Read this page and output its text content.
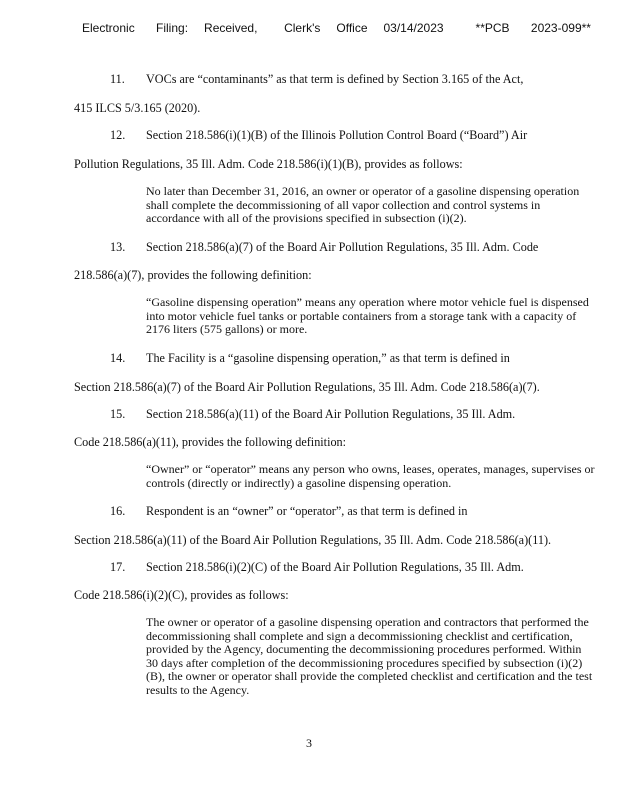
Electronic    Filing:   Received,     Clerk's   Office   03/14/2023      **PCB    2023-099**
11. VOCs are “contaminants” as that term is defined by Section 3.165 of the Act,
415 ILCS 5/3.165 (2020).
12. Section 218.586(i)(1)(B) of the Illinois Pollution Control Board (“Board”) Air
Pollution Regulations, 35 Ill. Adm. Code 218.586(i)(1)(B), provides as follows:
No later than December 31, 2016, an owner or operator of a gasoline dispensing operation shall complete the decommissioning of all vapor collection and control systems in accordance with all of the provisions specified in subsection (i)(2).
13. Section 218.586(a)(7) of the Board Air Pollution Regulations, 35 Ill. Adm. Code
218.586(a)(7), provides the following definition:
“Gasoline dispensing operation” means any operation where motor vehicle fuel is dispensed into motor vehicle fuel tanks or portable containers from a storage tank with a capacity of 2176 liters (575 gallons) or more.
14. The Facility is a “gasoline dispensing operation,” as that term is defined in
Section 218.586(a)(7) of the Board Air Pollution Regulations, 35 Ill. Adm. Code 218.586(a)(7).
15. Section 218.586(a)(11) of the Board Air Pollution Regulations, 35 Ill. Adm.
Code 218.586(a)(11), provides the following definition:
“Owner” or “operator” means any person who owns, leases, operates, manages, supervises or controls (directly or indirectly) a gasoline dispensing operation.
16. Respondent is an “owner” or “operator”, as that term is defined in
Section 218.586(a)(11) of the Board Air Pollution Regulations, 35 Ill. Adm. Code 218.586(a)(11).
17. Section 218.586(i)(2)(C) of the Board Air Pollution Regulations, 35 Ill. Adm.
Code 218.586(i)(2)(C), provides as follows:
The owner or operator of a gasoline dispensing operation and contractors that performed the decommissioning shall complete and sign a decommissioning checklist and certification, provided by the Agency, documenting the decommissioning procedures performed. Within 30 days after completion of the decommissioning procedures specified by subsection (i)(2)(B), the owner or operator shall provide the completed checklist and certification and the test results to the Agency.
3
